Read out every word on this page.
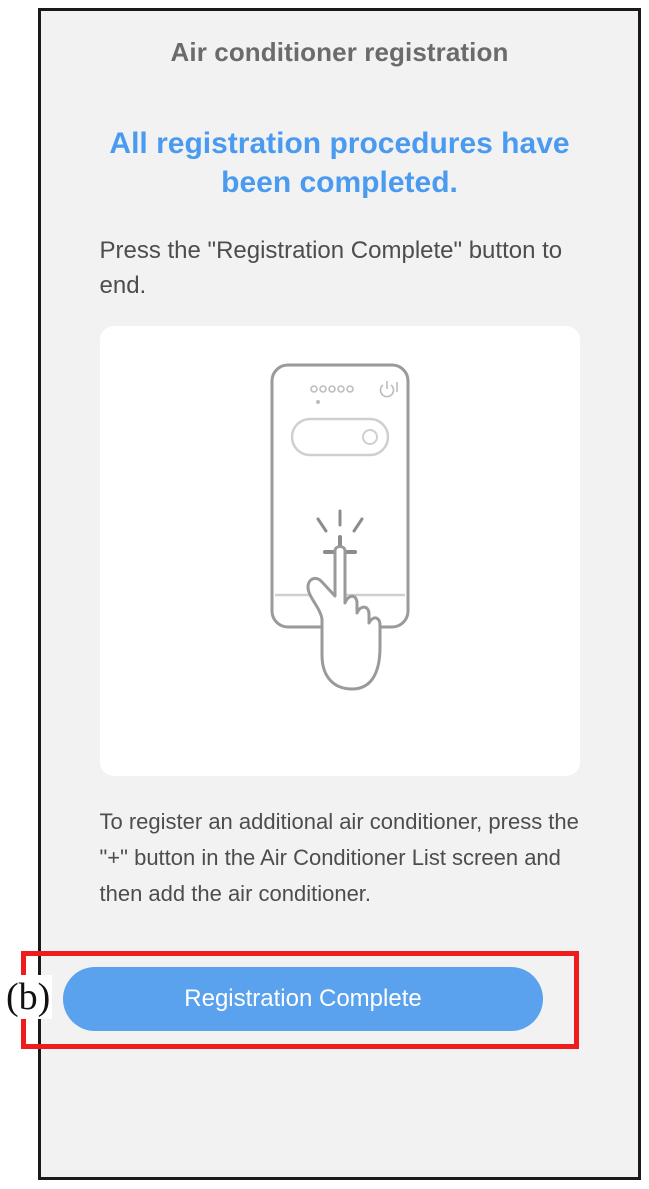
Air conditioner registration
All registration procedures have been completed.
Press the "Registration Complete" button to end.
To register an additional air conditioner, press the "+" button in the Air Conditioner List screen and then add the air conditioner.
Registration Complete
(b)
